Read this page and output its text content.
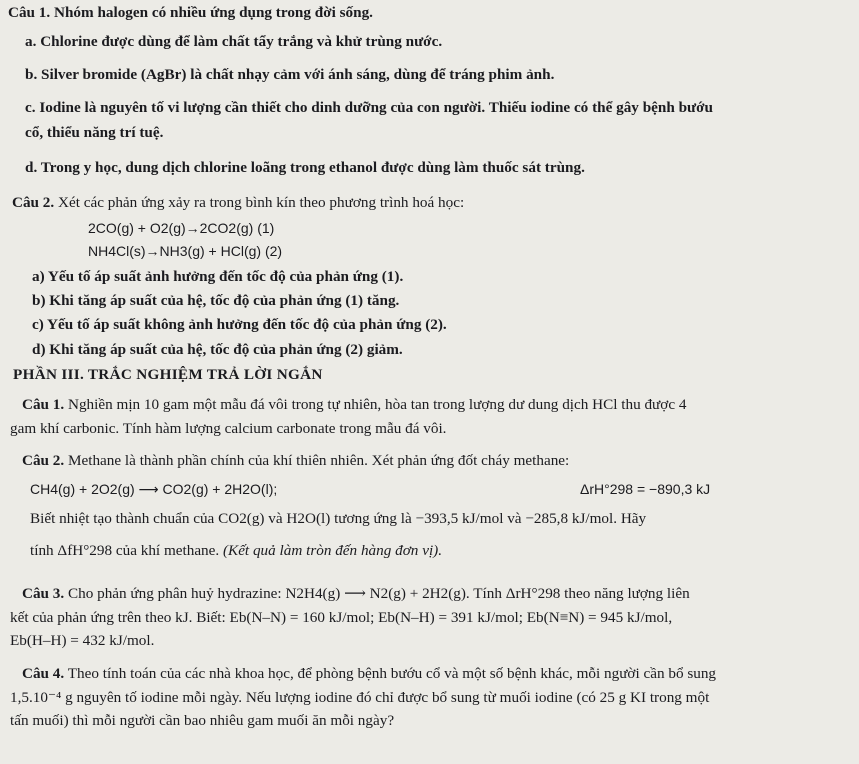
Câu 1. Nhóm halogen có nhiều ứng dụng trong đời sống.
a. Chlorine được dùng để làm chất tẩy trắng và khử trùng nước.
b. Silver bromide (AgBr) là chất nhạy cảm với ánh sáng, dùng để tráng phim ảnh.
c. Iodine là nguyên tố vi lượng cần thiết cho dinh dưỡng của con người. Thiếu iodine có thể gây bệnh bướu
cổ, thiểu năng trí tuệ.
d. Trong y học, dung dịch chlorine loãng trong ethanol được dùng làm thuốc sát trùng.
Câu 2. Xét các phản ứng xảy ra trong bình kín theo phương trình hoá học:
2CO(g) + O2(g)→2CO2(g) (1)
NH4Cl(s)→NH3(g) + HCl(g) (2)
a) Yếu tố áp suất ảnh hưởng đến tốc độ của phản ứng (1).
b) Khi tăng áp suất của hệ, tốc độ của phản ứng (1) tăng.
c) Yếu tố áp suất không ảnh hưởng đến tốc độ của phản ứng (2).
d) Khi tăng áp suất của hệ, tốc độ của phản ứng (2) giảm.
PHẦN III. TRẮC NGHIỆM TRẢ LỜI NGẮN
Câu 1. Nghiền mịn 10 gam một mẫu đá vôi trong tự nhiên, hòa tan trong lượng dư dung dịch HCl thu được 4
gam khí carbonic. Tính hàm lượng calcium carbonate trong mẫu đá vôi.
Câu 2. Methane là thành phần chính của khí thiên nhiên. Xét phản ứng đốt cháy methane:
CH4(g) + 2O2(g) ⟶ CO2(g) + 2H2O(l);	ΔrH°298 = −890,3 kJ
Biết nhiệt tạo thành chuẩn của CO2(g) và H2O(l) tương ứng là −393,5 kJ/mol và −285,8 kJ/mol. Hãy
tính ΔfH°298 của khí methane. (Kết quả làm tròn đến hàng đơn vị).
Câu 3. Cho phản ứng phân huỷ hydrazine: N2H4(g) ⟶ N2(g) + 2H2(g). Tính ΔrH°298 theo năng lượng liên
kết của phản ứng trên theo kJ. Biết: Eb(N–N) = 160 kJ/mol; Eb(N–H) = 391 kJ/mol; Eb(N≡N) = 945 kJ/mol,
Eb(H–H) = 432 kJ/mol.
Câu 4. Theo tính toán của các nhà khoa học, để phòng bệnh bướu cổ và một số bệnh khác, mỗi người cần bổ sung
1,5.10⁻⁴ g nguyên tố iodine mỗi ngày. Nếu lượng iodine đó chỉ được bổ sung từ muối iodine (có 25 g KI trong một
tấn muối) thì mỗi người cần bao nhiêu gam muối ăn mỗi ngày?
